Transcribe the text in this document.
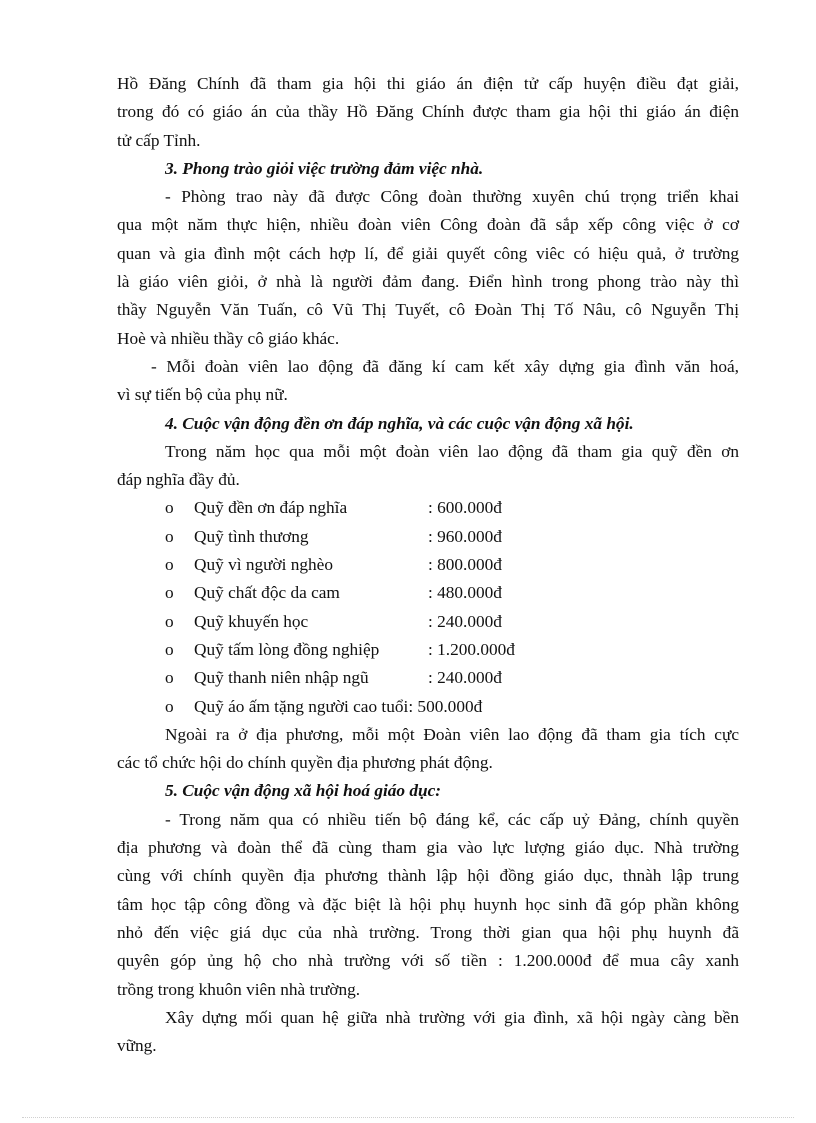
Hồ Đăng Chính đã tham gia hội thi giáo án điện tử cấp huyện điều đạt giải,
trong đó có giáo án của thầy Hồ Đăng Chính được tham gia hội thi giáo án điện
tử cấp Tỉnh.
3. Phong trào giỏi việc trường đảm việc nhà.
- Phòng trao này đã được Công đoàn thường xuyên chú trọng triển khai
qua một năm thực hiện, nhiều đoàn viên Công đoàn đã sắp xếp công việc ở cơ
quan và gia đình một cách hợp lí, để giải quyết công viêc có hiệu quả, ở trường
là giáo viên giỏi, ở nhà là người đảm đang. Điển hình trong phong trào này thì
thầy Nguyễn Văn Tuấn, cô Vũ Thị Tuyết, cô Đoàn Thị Tố Nâu, cô Nguyễn Thị
Hoè và nhiều thầy cô giáo khác.
- Mỗi đoàn viên lao động đã đăng kí cam kết xây dựng gia đình văn hoá,
vì sự tiến bộ của phụ nữ.
4. Cuộc vận động đền ơn đáp nghĩa, và các cuộc vận động xã hội.
Trong năm học qua mỗi một đoàn viên lao động đã tham gia quỹ đền ơn
đáp nghĩa đầy đủ.
o	Quỹ đền ơn đáp nghĩa	: 600.000đ
o	Quỹ tình thương	: 960.000đ
o	Quỹ vì người nghèo	: 800.000đ
o	Quỹ chất độc da cam	: 480.000đ
o	Quỹ khuyến học	: 240.000đ
o	Quỹ tấm lòng đồng nghiệp	: 1.200.000đ
o	Quỹ thanh niên nhập ngũ	: 240.000đ
o	Quỹ áo ấm tặng người cao tuổi : 500.000đ
Ngoài ra ở địa phương, mỗi một Đoàn viên lao động đã tham gia tích cực
các tổ chức hội do chính quyền địa phương phát động.
5. Cuộc vận động xã hội hoá giáo dục:
- Trong năm qua có nhiều tiến bộ đáng kể, các cấp uỷ Đảng, chính quyền
địa phương và đoàn thể đã cùng tham gia vào lực lượng giáo dục. Nhà trường
cùng với chính quyền địa phương thành lập hội đồng giáo dục, thnàh lập trung
tâm học tập công đồng và đặc biệt là hội phụ huynh học sinh đã góp phần không
nhỏ đến việc giá dục của nhà trường. Trong thời gian qua hội phụ huynh đã
quyên góp ủng hộ cho nhà trường với số tiền : 1.200.000đ để mua cây xanh
trồng trong khuôn viên nhà trường.
Xây dựng mối quan hệ giữa nhà trường với gia đình, xã hội ngày càng bền
vững.
